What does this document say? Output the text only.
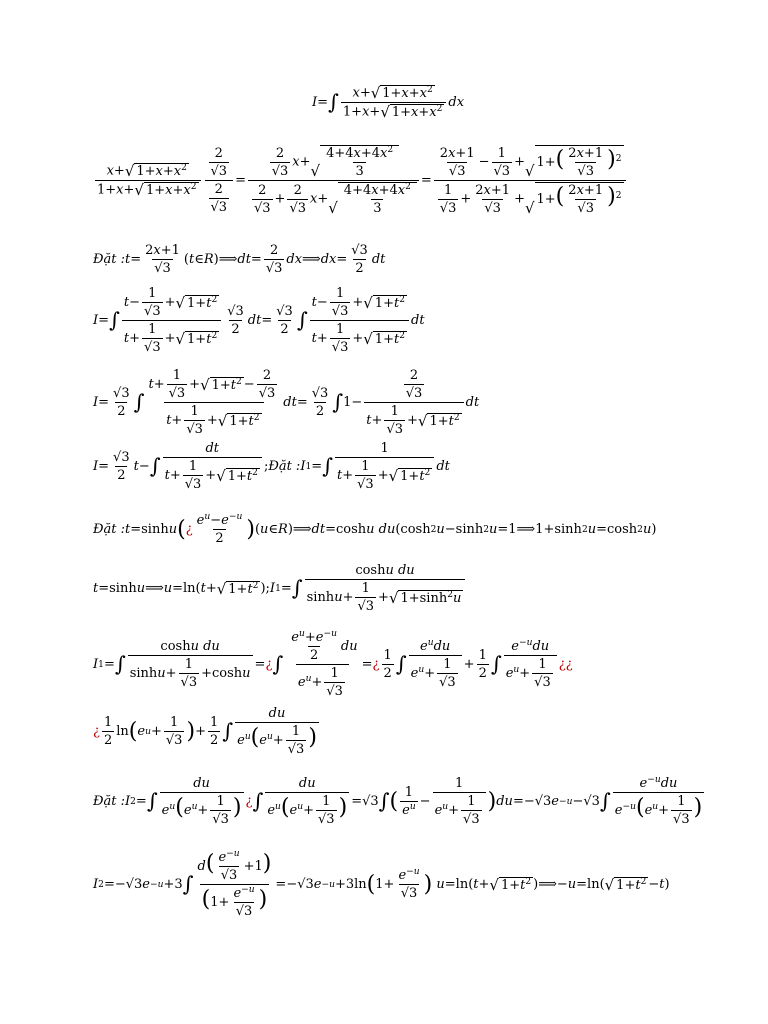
I = ∫ $\frac{x+ √ 1+x+x^2}{1+x+ √ 1+x+x^2}$ dx
$\frac{x+ √ 1+x+x^2}{1+x+ √ 1+x+x^2} \frac{\frac{2}{√3}}{\frac{2}{√3}} = \frac{2}{√3} x+$
√ $\frac{4+4x+4x^2}{3}$
$\frac{2}{√3} + \frac{2}{√3} x+$
√ $\frac{4+4x+4x^2}{3} = \frac{2x+1}{√3} - \frac{1}{√3}$ +
√ $1+( \frac{2x+1}{√3} )^2$
$\frac{1}{√3} + \frac{2x+1}{√3}$ +
√ $1+( \frac{2x+1}{√3} )^2$
Đặt : $t = \frac{2x+1}{√3}$ ( t ∈ R )⟹ dt = $\frac{2}{√3}$ dx ⟹ dx = $\frac{√3}{2}$ dt
I = ∫ $\frac{t- \frac{1}{√3} + √ 1+t^2}{t+ \frac{1}{√3} + √ 1+t^2} \frac{√3}{2}$ dt = $\frac{√3}{2}$ ∫ $\frac{t- \frac{1}{√3} + √ 1+t^2}{t+ \frac{1}{√3} + √ 1+t^2}$ dt
$I = \frac{√3}{2}$ ∫ $\frac{t+ \frac{1}{√3} + √ 1+t^2 - \frac{2}{√3}}{t+ \frac{1}{√3} + √ 1+t^2}$ dt = $\frac{√3}{2}$ ∫ $1- \frac{\frac{2}{√3}}{t+ \frac{1}{√3} + √ 1+t^2}$ dt
$I = \frac{√3}{2}$ t − ∫ $\frac{dt}{t+ \frac{1}{√3} + √ 1+t^2}$ ; Đặt : I 1 = ∫ $\frac{1}{t+ \frac{1}{√3} + √ 1+t^2}$ dt
Đặt : t =sinh u ( ¿ $\frac{e^u-e^{-u}}{2}$ ) ( u ∈ R )⟹ dt =cosh u du (cosh 2 u −sinh 2 u =1⟹1+sinh 2 u =cosh 2 u )
t =sinh u ⟹ u =ln( t + √ $1+t^2$ ); I 1 = ∫ $\frac{\text{coshu du}}{\sinh u+ \frac{1}{√3} + √ 1+\sinh^2u}$
I 1 = ∫ $\frac{\text{coshu du}}{\sinh u+ \frac{1}{√3} +\cosh u}$ = ¿ ∫ $\frac{\frac{e^u+e^{-u}}{2} du}{e^u+ \frac{1}{√3}}$ = ¿ $\frac{1}{2}$ ∫ $\frac{e^udu}{e^u+ \frac{1}{√3}} + \frac{1}{2}$ ∫ $\frac{e^{-u}du}{e^u+ \frac{1}{√3}}$ ¿¿
¿ $\frac{1}{2}$ ln ( e $u + \frac{1}{√3}$ ) + $\frac{1}{2}$ ∫ $\frac{du}{e^u(e^u+ \frac{1}{√3} )}$
Đặt : I 2 = ∫ $\frac{du}{e^u(e^u+ \frac{1}{√3} )}$ ¿ ∫ $\frac{du}{e^u(e^u+ \frac{1}{√3} )} =√3$ ∫ ( $\frac{1}{e^u} - \frac{1}{e^u+ \frac{1}{√3}}$ ) du =−√3 e −u −√3 ∫ $\frac{e^{-u}du}{e^{-u}(e^u+ \frac{1}{√3} )}$
I 2 =−√3 e −u +3 ∫ $\frac{d( \frac{e^{-u}}{√3} +1)}{(1+ \frac{e^{-u}}{√3} )} =-√3$ e −u +3ln ( $1+ \frac{e^{-u}}{√3}$ )
u =ln( t + √ $1+t^2$ )⟹− u =ln( √ $1+t^2 - t$ )
